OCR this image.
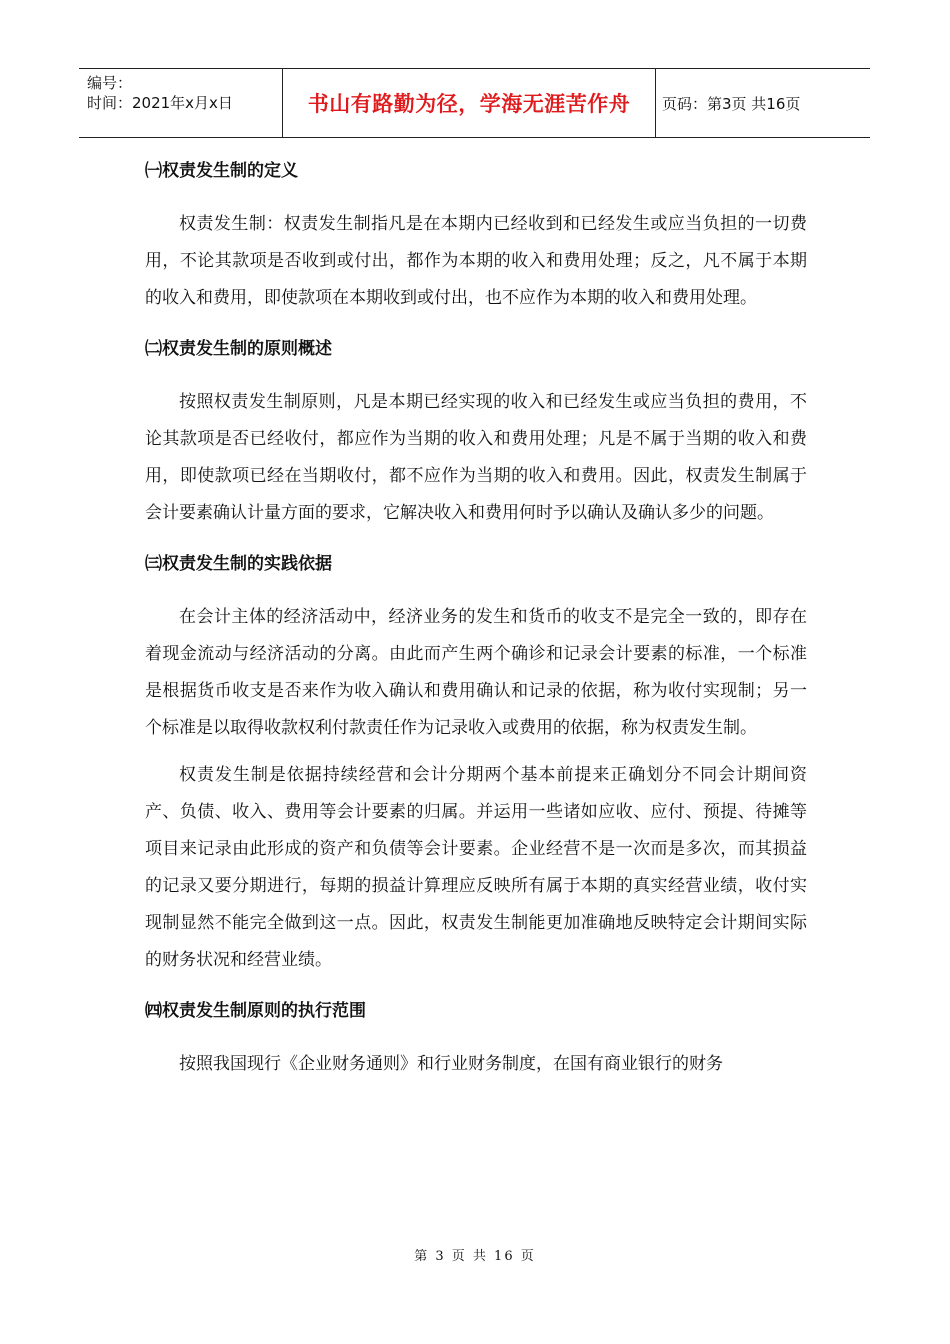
编号：
时间：2021年x月x日	书山有路勤为径，学海无涯苦作舟	页码：第3页 共16页

㈠权责发生制的定义

权责发生制：权责发生制指凡是在本期内已经收到和已经发生或应当负担的一切费用，不论其款项是否收到或付出，都作为本期的收入和费用处理；反之，凡不属于本期的收入和费用，即使款项在本期收到或付出，也不应作为本期的收入和费用处理。

㈡权责发生制的原则概述

按照权责发生制原则，凡是本期已经实现的收入和已经发生或应当负担的费用，不论其款项是否已经收付，都应作为当期的收入和费用处理；凡是不属于当期的收入和费用，即使款项已经在当期收付，都不应作为当期的收入和费用。因此，权责发生制属于会计要素确认计量方面的要求，它解决收入和费用何时予以确认及确认多少的问题。

㈢权责发生制的实践依据

在会计主体的经济活动中，经济业务的发生和货币的收支不是完全一致的，即存在着现金流动与经济活动的分离。由此而产生两个确诊和记录会计要素的标准，一个标准是根据货币收支是否来作为收入确认和费用确认和记录的依据，称为收付实现制；另一个标准是以取得收款权利付款责任作为记录收入或费用的依据，称为权责发生制。

权责发生制是依据持续经营和会计分期两个基本前提来正确划分不同会计期间资产、负债、收入、费用等会计要素的归属。并运用一些诸如应收、应付、预提、待摊等项目来记录由此形成的资产和负债等会计要素。企业经营不是一次而是多次，而其损益的记录又要分期进行，每期的损益计算理应反映所有属于本期的真实经营业绩，收付实现制显然不能完全做到这一点。因此，权责发生制能更加准确地反映特定会计期间实际的财务状况和经营业绩。

㈣权责发生制原则的执行范围

按照我国现行《企业财务通则》和行业财务制度，在国有商业银行的财务

第 3 页 共 16 页
